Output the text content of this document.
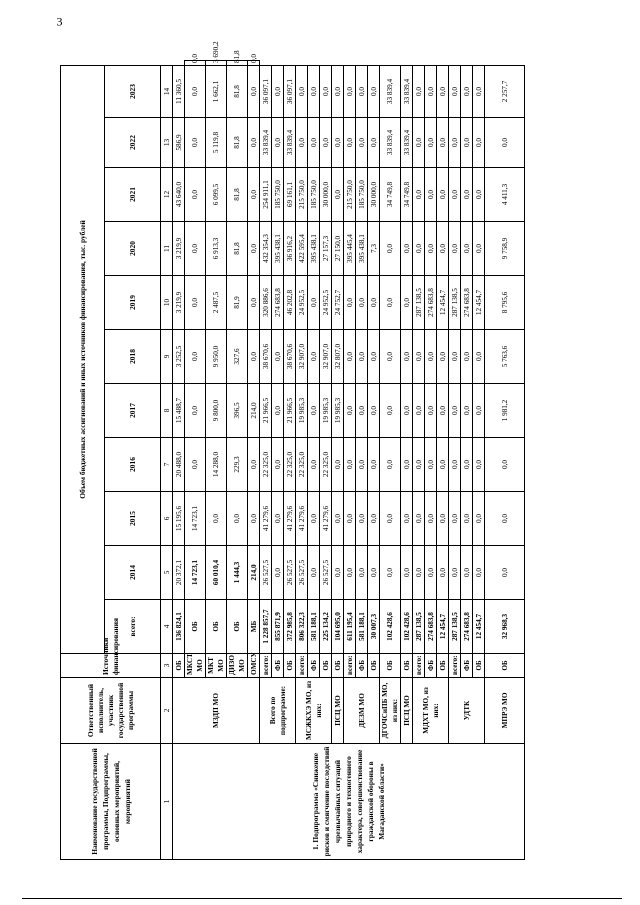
3
Наименование государственной программы, Подпрограммы, основных мероприятий, мероприятий	Ответственный исполнитель, участник государственной программы	Источники финансирования	Объем бюджетных ассигнований и иных источников финансирования, тыс. рублей											
			всего:	2014	2015	2016	2017	2018	2019	2020	2021	2022	2023	
1	2	3	4	5	6	7	8	9	10	11	12	13	14	
1. Подпрограмма «Снижение рисков и смягчение последствий чрезвычайных ситуаций природного и техногенного характера, совершенствование гражданской обороны в Магаданской области»	МЗДП МО	ОБ	136 824,1	20 372,1	15 195,6	20 488,0	15 488,7	3 252,5	3 219,9	3 219,9	43 640,0	586,9	11 360,5	
		МКСТ МО	ОБ	14 723,1	14 723,1	0,0	0,0	0,0	0,0	0,0	0,0	0,0	0,0	0,0
		МКТ МО	ОБ	60 010,4	0,0	14 288,0	9 800,0	9 950,0	2 487,5	6 913,3	6 099,5	5 119,8	1 662,1	3 690,2
		ДИЗО МО	ОБ	1 444,3	0,0	229,3	396,5	327,6	81,9	81,8	81,8	81,8	81,8	81,8
		ОМСУ	МБ	214,0	0,0	0,0	214,0	0,0	0,0	0,0	0,0	0,0	0,0	0,0
	Всего по подпрограмме:	всего:	1 228 857,7	26 527,5	41 279,6	22 325,0	21 966,5	38 670,6	320 886,6	432 354,3	254 911,1	33 839,4	36 097,1	
		ФБ	855 871,9	0,0	0,0	0,0	0,0	0,0	274 683,8	395 438,1	185 750,0	0,0	0,0	
		ОБ	372 985,8	26 527,5	41 279,6	22 325,0	21 966,5	38 670,6	46 202,8	36 916,2	69 161,1	33 839,4	36 097,1	
	МСЖКХЭ МО, из них:	всего:	806 322,3	26 527,5	41 279,6	22 325,0	19 985,3	32 907,0	24 952,5	422 595,4	215 750,0	0,0	0,0	
		ФБ	581 188,1	0,0	0,0	0,0	0,0	0,0	0,0	395 438,1	185 750,0	0,0	0,0	
		ОБ	225 134,2	26 527,5	41 279,6	22 325,0	19 985,3	32 907,0	24 952,5	27 157,3	30 000,0	0,0	0,0	
	ПСЦ МО	ОБ	104 695,0	0,0	0,0	0,0	19 985,3	32 807,0	24 752,7	27 150,0	0,0	0,0	0,0	
	ДЕЗМ МО	всего:	611 195,4	0,0	0,0	0,0	0,0	0,0	0,0	395 445,4	215 750,0	0,0	0,0	
		ФБ	581 188,1	0,0	0,0	0,0	0,0	0,0	0,0	395 438,1	185 750,0	0,0	0,0	
		ОБ	30 007,3	0,0	0,0	0,0	0,0	0,0	0,0	7,3	30 000,0	0,0	0,0	
	ДГОЧСиПБ МО, из них:	ОБ	102 428,6	0,0	0,0	0,0	0,0	0,0	0,0	0,0	34 749,8	33 839,4	33 839,4	
	ПСЦ МО	ОБ	102 428,6	0,0	0,0	0,0	0,0	0,0	0,0	0,0	34 749,8	33 839,4	33 839,4	
	МДХТ МО, из них:	всего:	287 138,5	0,0	0,0	0,0	0,0	0,0	287 138,5	0,0	0,0	0,0	0,0	
		ФБ	274 683,8	0,0	0,0	0,0	0,0	0,0	274 683,8	0,0	0,0	0,0	0,0	
		ОБ	12 454,7	0,0	0,0	0,0	0,0	0,0	12 454,7	0,0	0,0	0,0	0,0	
	УДТК	всего:	287 138,5	0,0	0,0	0,0	0,0	0,0	287 138,5	0,0	0,0	0,0	0,0	
		ФБ	274 683,8	0,0	0,0	0,0	0,0	0,0	274 683,8	0,0	0,0	0,0	0,0	
		ОБ	12 454,7	0,0	0,0	0,0	0,0	0,0	12 454,7	0,0	0,0	0,0	0,0	
	МПРЭ МО	ОБ	32 968,3	0,0	0,0	0,0	1 981,2	5 763,6	8 795,6	9 758,9	4 411,3	0,0	2 257,7	
